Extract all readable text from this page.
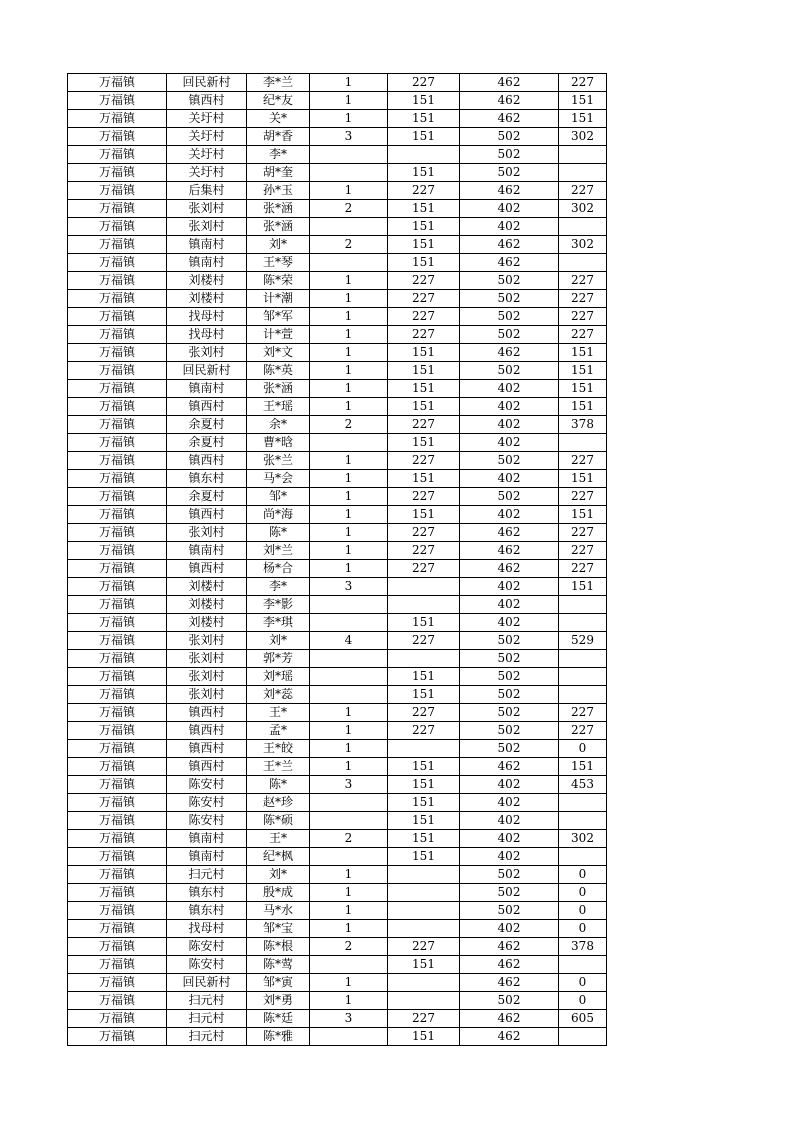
万福镇	回民新村	李*兰	1	227	462	227
万福镇	镇西村	纪*友	1	151	462	151
万福镇	关圩村	关*	1	151	462	151
万福镇	关圩村	胡*香	3	151	502	302
万福镇	关圩村	李*			502	
万福镇	关圩村	胡*奎		151	502	
万福镇	后集村	孙*玉	1	227	462	227
万福镇	张刘村	张*涵	2	151	402	302
万福镇	张刘村	张*涵		151	402	
万福镇	镇南村	刘*	2	151	462	302
万福镇	镇南村	王*琴		151	462	
万福镇	刘楼村	陈*荣	1	227	502	227
万福镇	刘楼村	计*潮	1	227	502	227
万福镇	找母村	邹*军	1	227	502	227
万福镇	找母村	计*萱	1	227	502	227
万福镇	张刘村	刘*文	1	151	462	151
万福镇	回民新村	陈*英	1	151	502	151
万福镇	镇南村	张*涵	1	151	402	151
万福镇	镇西村	王*瑶	1	151	402	151
万福镇	余夏村	余*	2	227	402	378
万福镇	余夏村	曹*晗		151	402	
万福镇	镇西村	张*兰	1	227	502	227
万福镇	镇东村	马*会	1	151	402	151
万福镇	余夏村	邹*	1	227	502	227
万福镇	镇西村	尚*海	1	151	402	151
万福镇	张刘村	陈*	1	227	462	227
万福镇	镇南村	刘*兰	1	227	462	227
万福镇	镇西村	杨*合	1	227	462	227
万福镇	刘楼村	李*	3		402	151
万福镇	刘楼村	李*影			402	
万福镇	刘楼村	李*琪		151	402	
万福镇	张刘村	刘*	4	227	502	529
万福镇	张刘村	郭*芳			502	
万福镇	张刘村	刘*瑶		151	502	
万福镇	张刘村	刘*蕊		151	502	
万福镇	镇西村	王*	1	227	502	227
万福镇	镇西村	孟*	1	227	502	227
万福镇	镇西村	王*皎	1		502	0
万福镇	镇西村	王*兰	1	151	462	151
万福镇	陈安村	陈*	3	151	402	453
万福镇	陈安村	赵*珍		151	402	
万福镇	陈安村	陈*硕		151	402	
万福镇	镇南村	王*	2	151	402	302
万福镇	镇南村	纪*枫		151	402	
万福镇	扫元村	刘*	1		502	0
万福镇	镇东村	殷*成	1		502	0
万福镇	镇东村	马*水	1		502	0
万福镇	找母村	邹*宝	1		402	0
万福镇	陈安村	陈*根	2	227	462	378
万福镇	陈安村	陈*莺		151	462	
万福镇	回民新村	邹*寅	1		462	0
万福镇	扫元村	刘*勇	1		502	0
万福镇	扫元村	陈*廷	3	227	462	605
万福镇	扫元村	陈*雅		151	462	
